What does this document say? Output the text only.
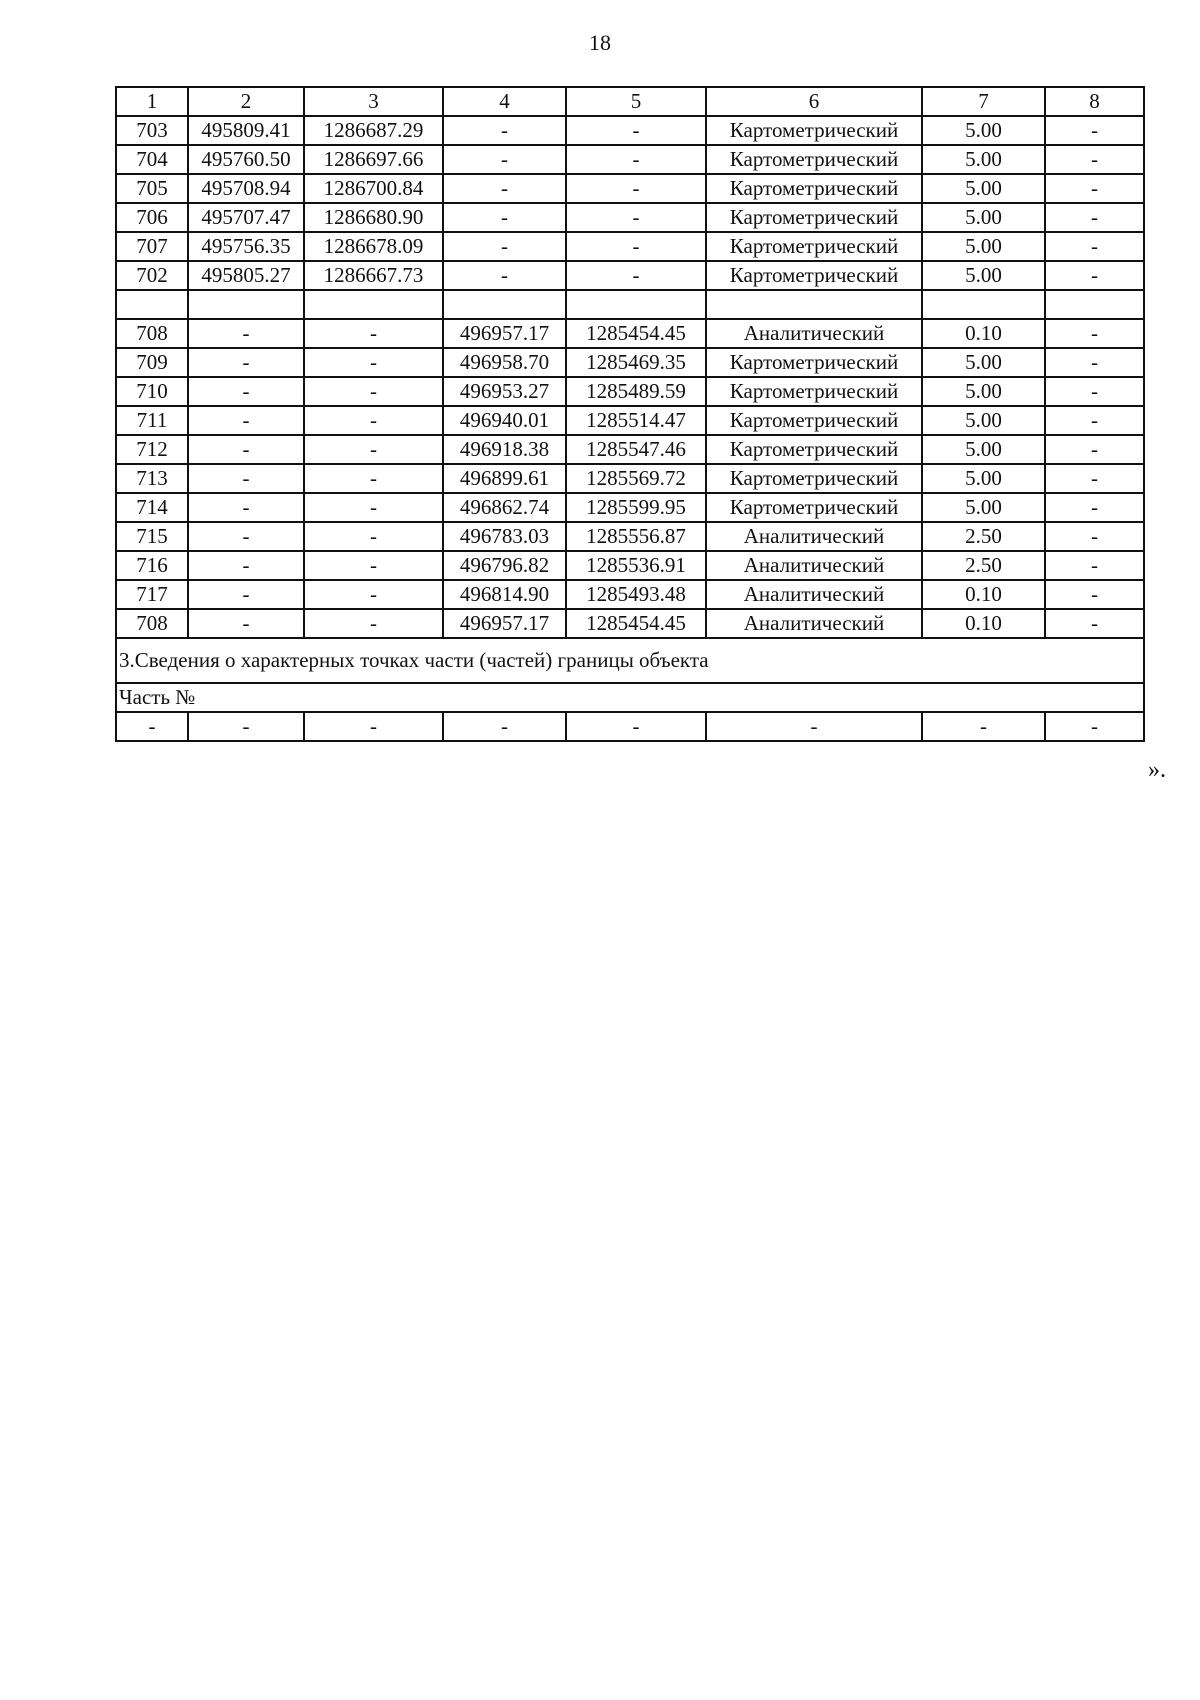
18
1	2	3	4	5	6	7	8
703	495809.41	1286687.29	-	-	Картометрический	5.00	-
704	495760.50	1286697.66	-	-	Картометрический	5.00	-
705	495708.94	1286700.84	-	-	Картометрический	5.00	-
706	495707.47	1286680.90	-	-	Картометрический	5.00	-
707	495756.35	1286678.09	-	-	Картометрический	5.00	-
702	495805.27	1286667.73	-	-	Картометрический	5.00	-

708	-	-	496957.17	1285454.45	Аналитический	0.10	-
709	-	-	496958.70	1285469.35	Картометрический	5.00	-
710	-	-	496953.27	1285489.59	Картометрический	5.00	-
711	-	-	496940.01	1285514.47	Картометрический	5.00	-
712	-	-	496918.38	1285547.46	Картометрический	5.00	-
713	-	-	496899.61	1285569.72	Картометрический	5.00	-
714	-	-	496862.74	1285599.95	Картометрический	5.00	-
715	-	-	496783.03	1285556.87	Аналитический	2.50	-
716	-	-	496796.82	1285536.91	Аналитический	2.50	-
717	-	-	496814.90	1285493.48	Аналитический	0.10	-
708	-	-	496957.17	1285454.45	Аналитический	0.10	-
3.Сведения о характерных точках части (частей) границы объекта							
Часть №							
-	-	-	-	-	-	-	-
».
